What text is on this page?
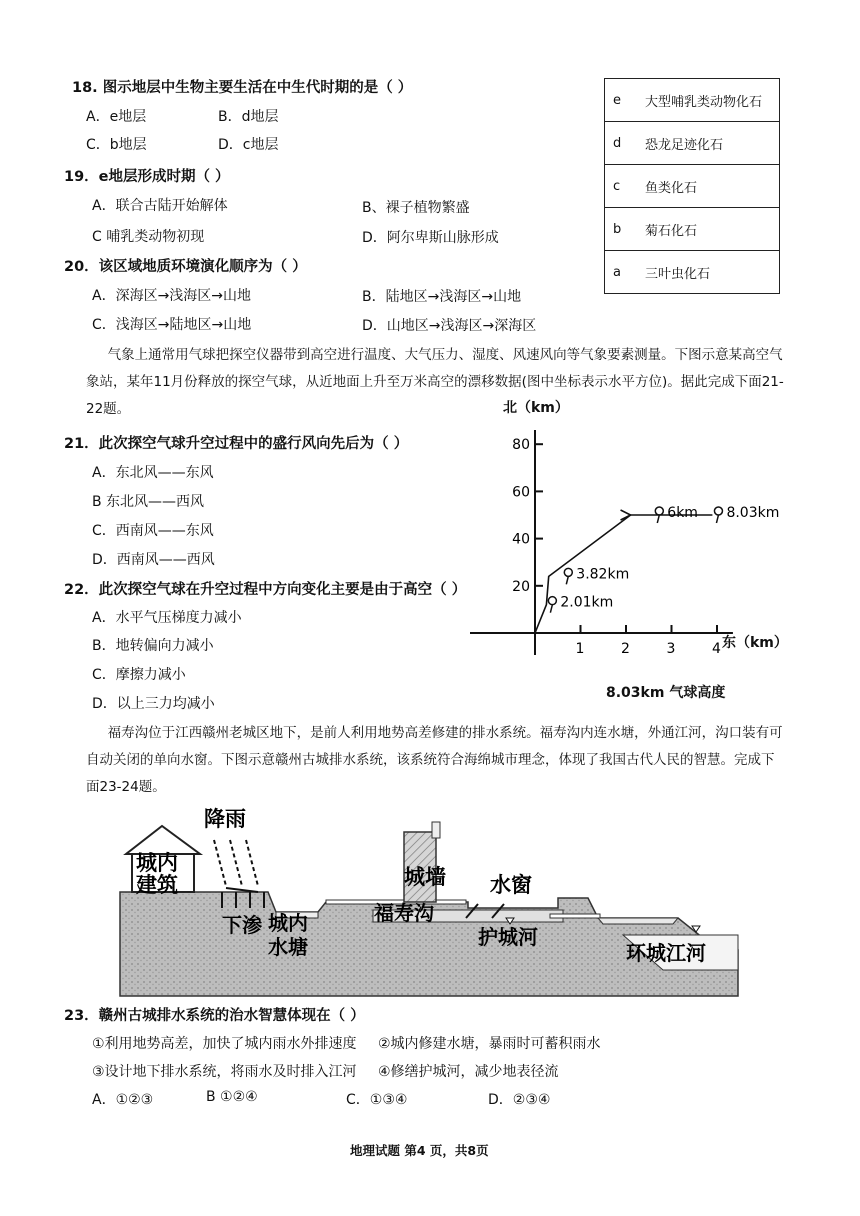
18. 图示地层中生物主要生活在中生代时期的是（ ）
A．e地层	B．d地层
C．b地层	D．c地层
19．e地层形成时期（ ）
A．联合古陆开始解体	B、裸子植物繁盛
C 哺乳类动物初现	D．阿尔卑斯山脉形成
20．该区域地质环境演化顺序为（ ）
A．深海区→浅海区→山地	B．陆地区→浅海区→山地
C．浅海区→陆地区→山地	D．山地区→浅海区→深海区
e	大型哺乳类动物化石
d	恐龙足迹化石
c	鱼类化石
b	菊石化石
a	三叶虫化石
气象上通常用气球把探空仪器带到高空进行温度、大气压力、湿度、风速风向等气象要素测量。下图示意某高空气象站，某年11月份释放的探空气球，从近地面上升至万米高空的漂移数据(图中坐标表示水平方位)。据此完成下面21-22题。
21．此次探空气球升空过程中的盛行风向先后为（ ）
A．东北风——东风
B 东北风——西风
C．西南风——东风
D．西南风——西风
22．此次探空气球在升空过程中方向变化主要是由于高空（ ）
A．水平气压梯度力减小
B．地转偏向力减小
C．摩擦力减小
D．以上三力均减小
20
40
60
80
1	2	3	4
2.01km
3.82km
6km 8.03km
北（km）
东（km）
8.03km 气球高度
福寿沟位于江西赣州老城区地下，是前人利用地势高差修建的排水系统。福寿沟内连水塘，外通江河，沟口装有可自动关闭的单向水窗。下图示意赣州古城排水系统，该系统符合海绵城市理念，体现了我国古代人民的智慧。完成下面23-24题。
城内建筑
降雨
下渗 城内水塘
城墙
福寿沟
水窗
护城河
环城江河
23．赣州古城排水系统的治水智慧体现在（ ）
①利用地势高差，加快了城内雨水外排速度 ②城内修建水塘，暴雨时可蓄积雨水
③设计地下排水系统，将雨水及时排入江河 ④修缮护城河，减少地表径流
A．①②③	B ①②④	C．①③④	D．②③④
地理试题 第4 页，共8页
